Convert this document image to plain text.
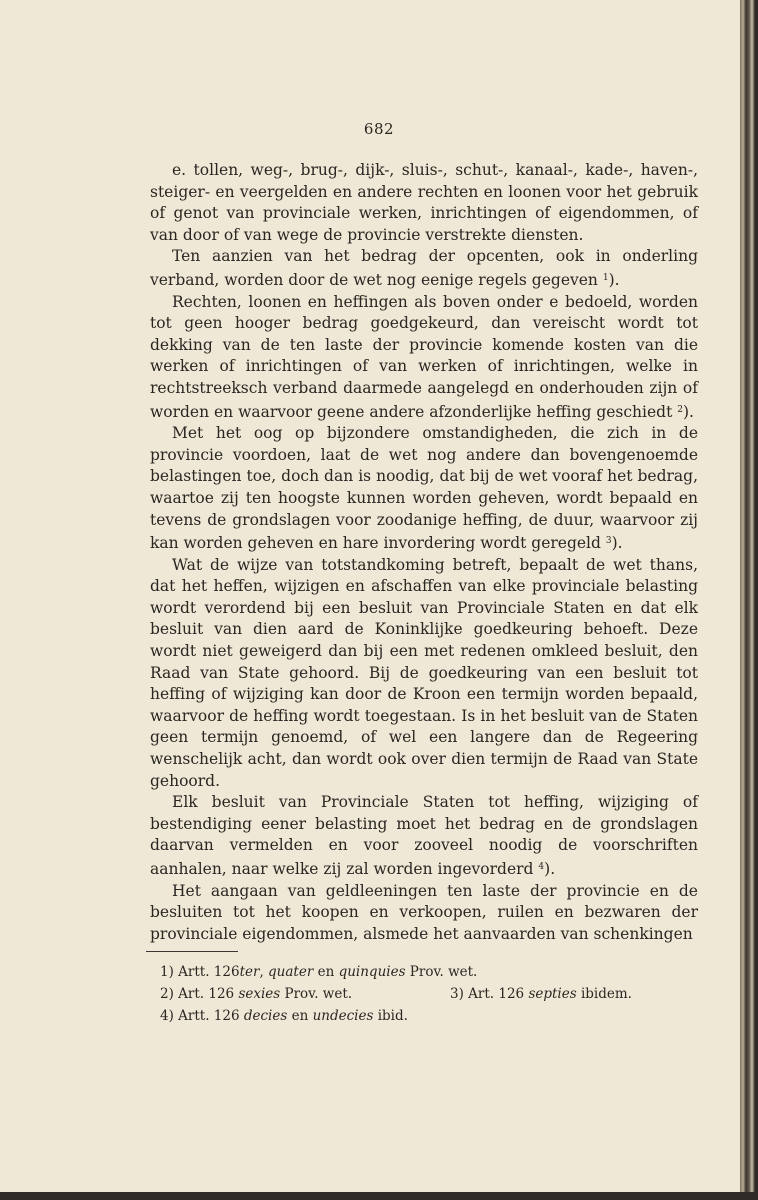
682

e. tollen, weg-, brug-, dijk-, sluis-, schut-, kanaal-, kade-, haven-, steiger- en veergelden en andere rechten en loonen voor het gebruik of genot van provinciale werken, inrichtingen of eigendommen, of van door of van wege de provincie verstrekte diensten.

Ten aanzien van het bedrag der opcenten, ook in onderling verband, worden door de wet nog eenige regels gegeven $^1$).

Rechten, loonen en heffingen als boven onder e bedoeld, worden tot geen hooger bedrag goedgekeurd, dan vereischt wordt tot dekking van de ten laste der provincie komende kosten van die werken of inrichtingen of van werken of inrichtingen, welke in rechtstreeksch verband daarmede aangelegd en onderhouden zijn of worden en waarvoor geene andere afzonderlijke heffing geschiedt $^2$).

Met het oog op bijzondere omstandigheden, die zich in de provincie voordoen, laat de wet nog andere dan bovengenoemde belastingen toe, doch dan is noodig, dat bij de wet vooraf het bedrag, waartoe zij ten hoogste kunnen worden geheven, wordt bepaald en tevens de grondslagen voor zoodanige heffing, de duur, waarvoor zij kan worden geheven en hare invordering wordt geregeld $^3$).

Wat de wijze van totstandkoming betreft, bepaalt de wet thans, dat het heffen, wijzigen en afschaffen van elke provinciale belasting wordt verordend bij een besluit van Provinciale Staten en dat elk besluit van dien aard de Koninklijke goedkeuring behoeft. Deze wordt niet geweigerd dan bij een met redenen omkleed besluit, den Raad van State gehoord. Bij de goedkeuring van een besluit tot heffing of wijziging kan door de Kroon een termijn worden bepaald, waarvoor de heffing wordt toegestaan. Is in het besluit van de Staten geen termijn genoemd, of wel een langere dan de Regeering wenschelijk acht, dan wordt ook over dien termijn de Raad van State gehoord.

Elk besluit van Provinciale Staten tot heffing, wijziging of bestendiging eener belasting moet het bedrag en de grondslagen daarvan vermelden en voor zooveel noodig de voorschriften aanhalen, naar welke zij zal worden ingevorderd $^4$).

Het aangaan van geldleeningen ten laste der provincie en de besluiten tot het koopen en verkoopen, ruilen en bezwaren der provinciale eigendommen, alsmede het aanvaarden van schenkingen

1) Artt. 126ter, quater en quinquies Prov. wet.
2) Art. 126 sexies Prov. wet.	3) Art. 126 septies ibidem.
4) Artt. 126 decies en undecies ibid.
